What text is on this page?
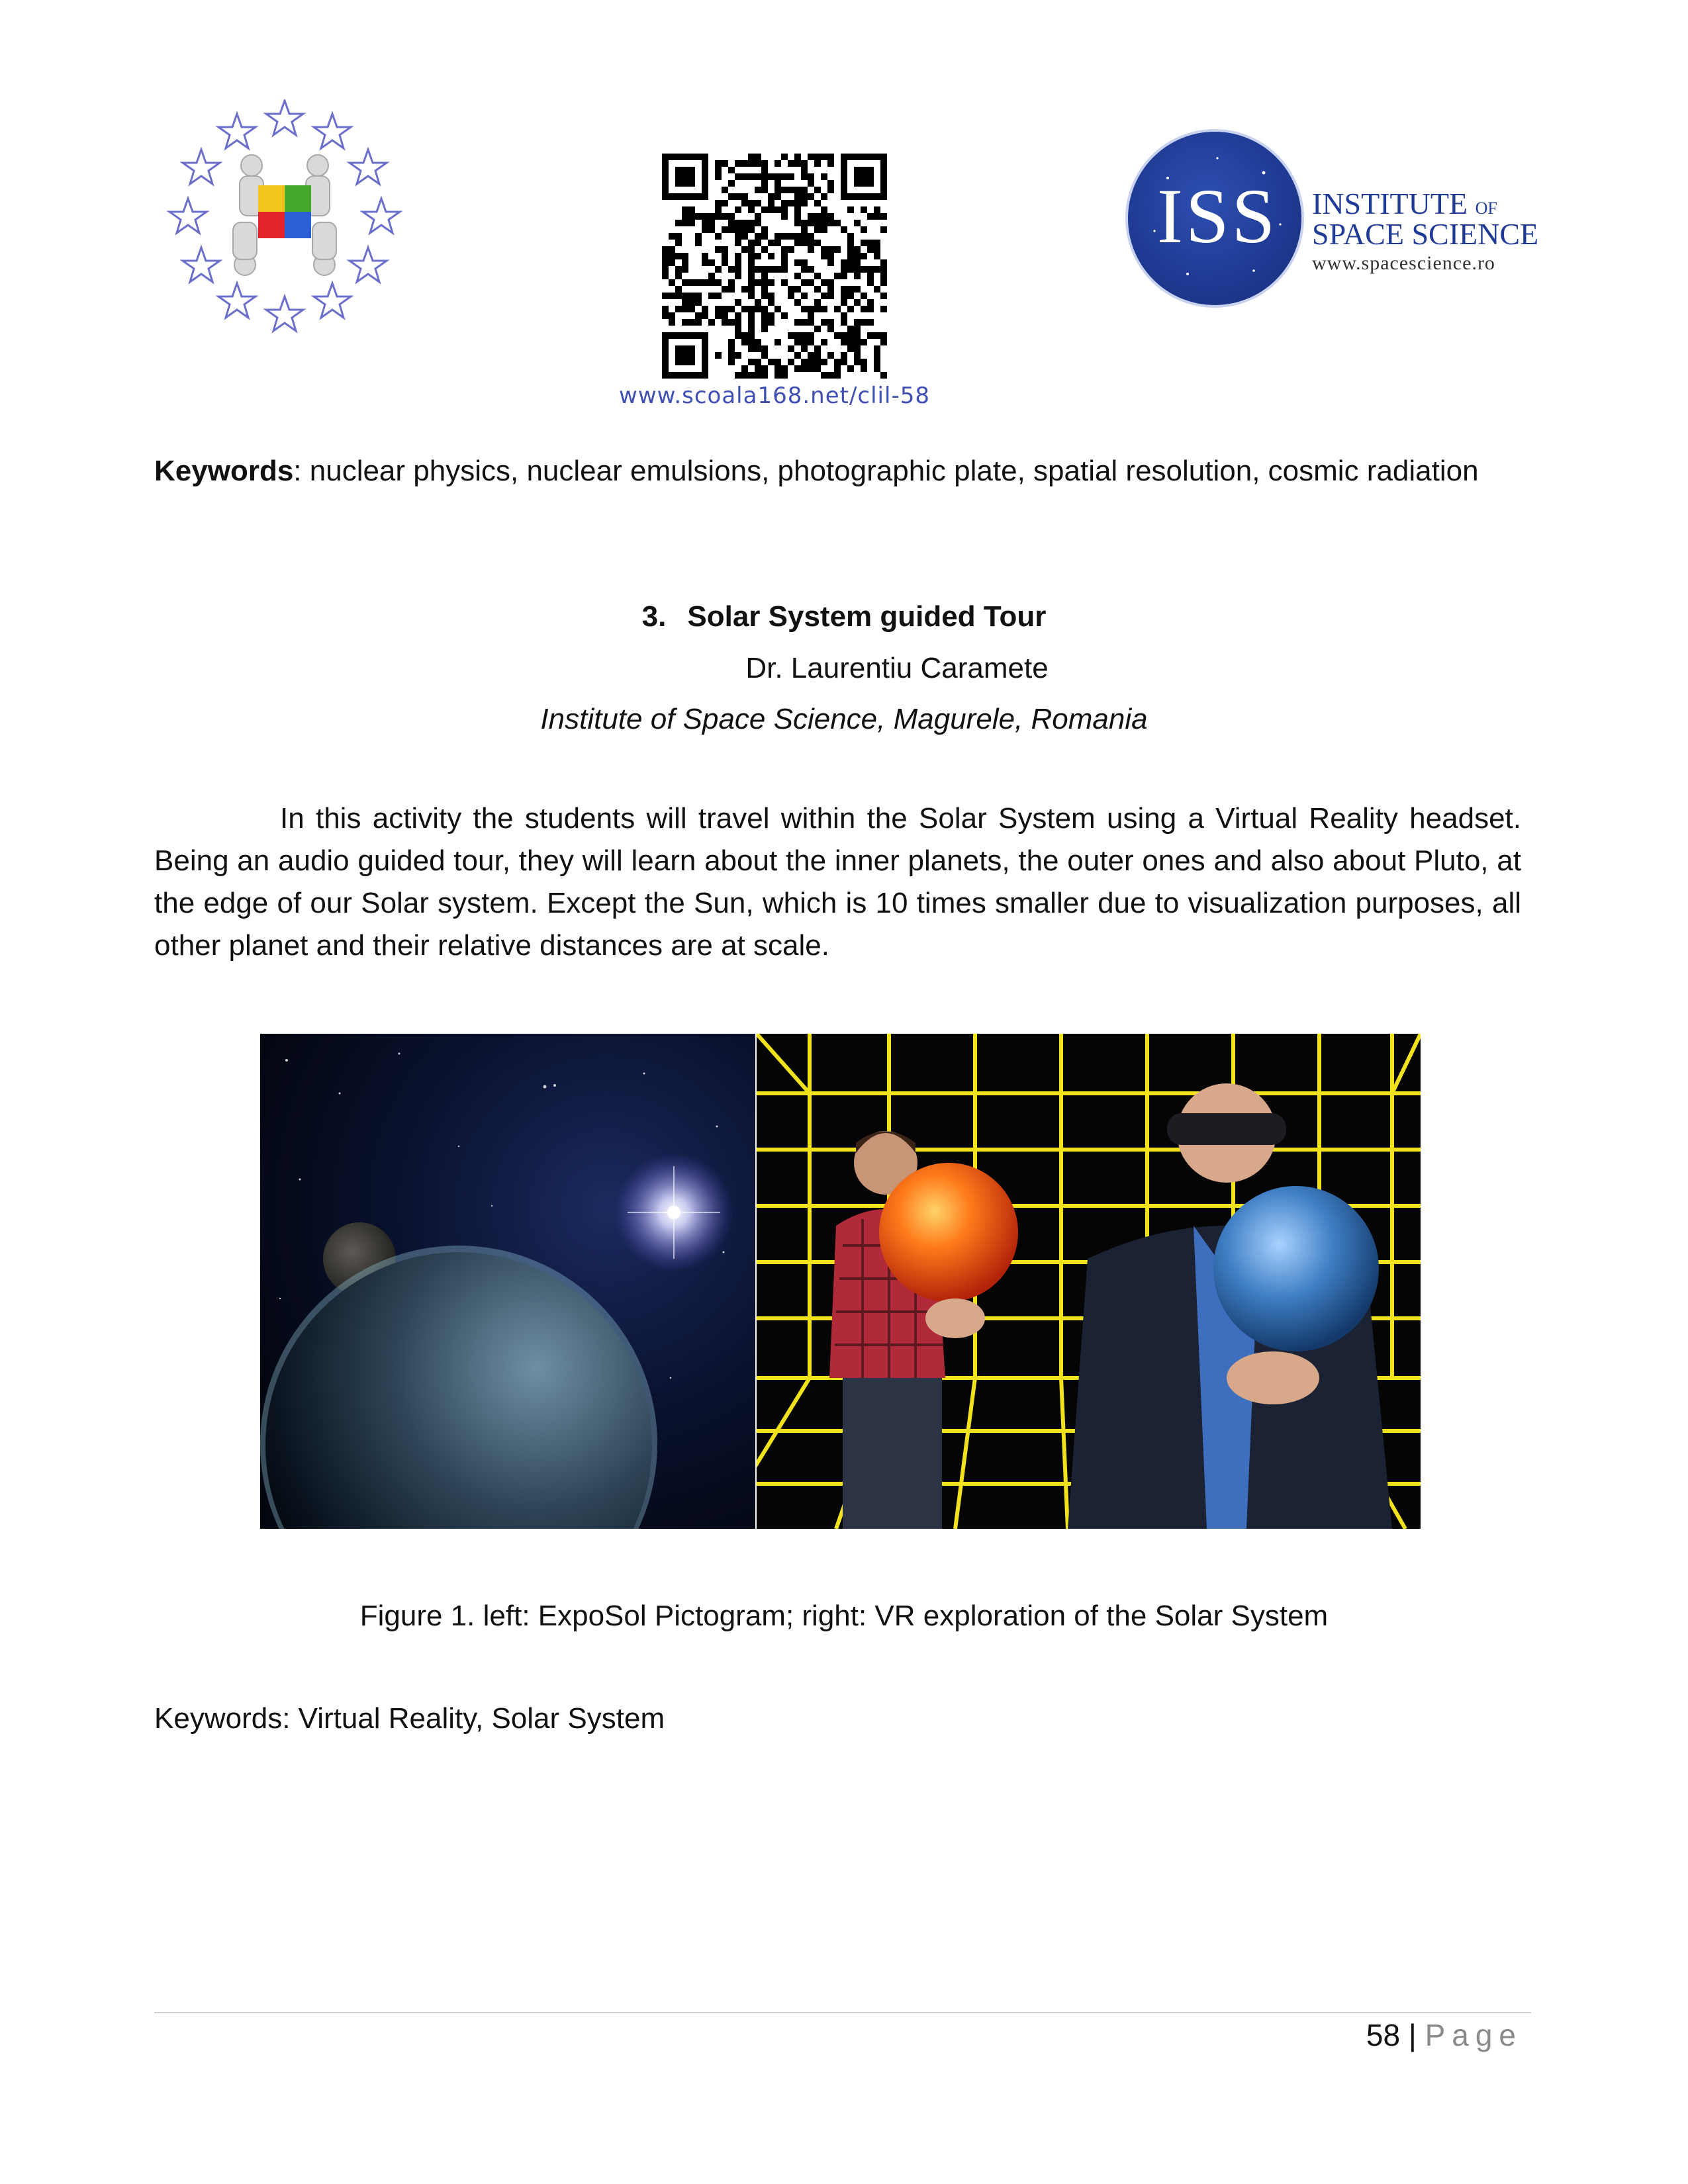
www.scoala168.net/clil-58
ISS	INSTITUTE OF
SPACE SCIENCE
www.spacescience.ro
Keywords: nuclear physics, nuclear emulsions, photographic plate, spatial resolution, cosmic radiation
3. Solar System guided Tour
Dr. Laurentiu Caramete
Institute of Space Science, Magurele, Romania
In this activity the students will travel within the Solar System using a Virtual Reality headset. Being an audio guided tour, they will learn about the inner planets, the outer ones and also about Pluto, at the edge of our Solar system. Except the Sun, which is 10 times smaller due to visualization purposes, all other planet and their relative distances are at scale.
Figure 1. left: ExpoSol Pictogram; right: VR exploration of the Solar System
Keywords: Virtual Reality, Solar System
58 | Page
